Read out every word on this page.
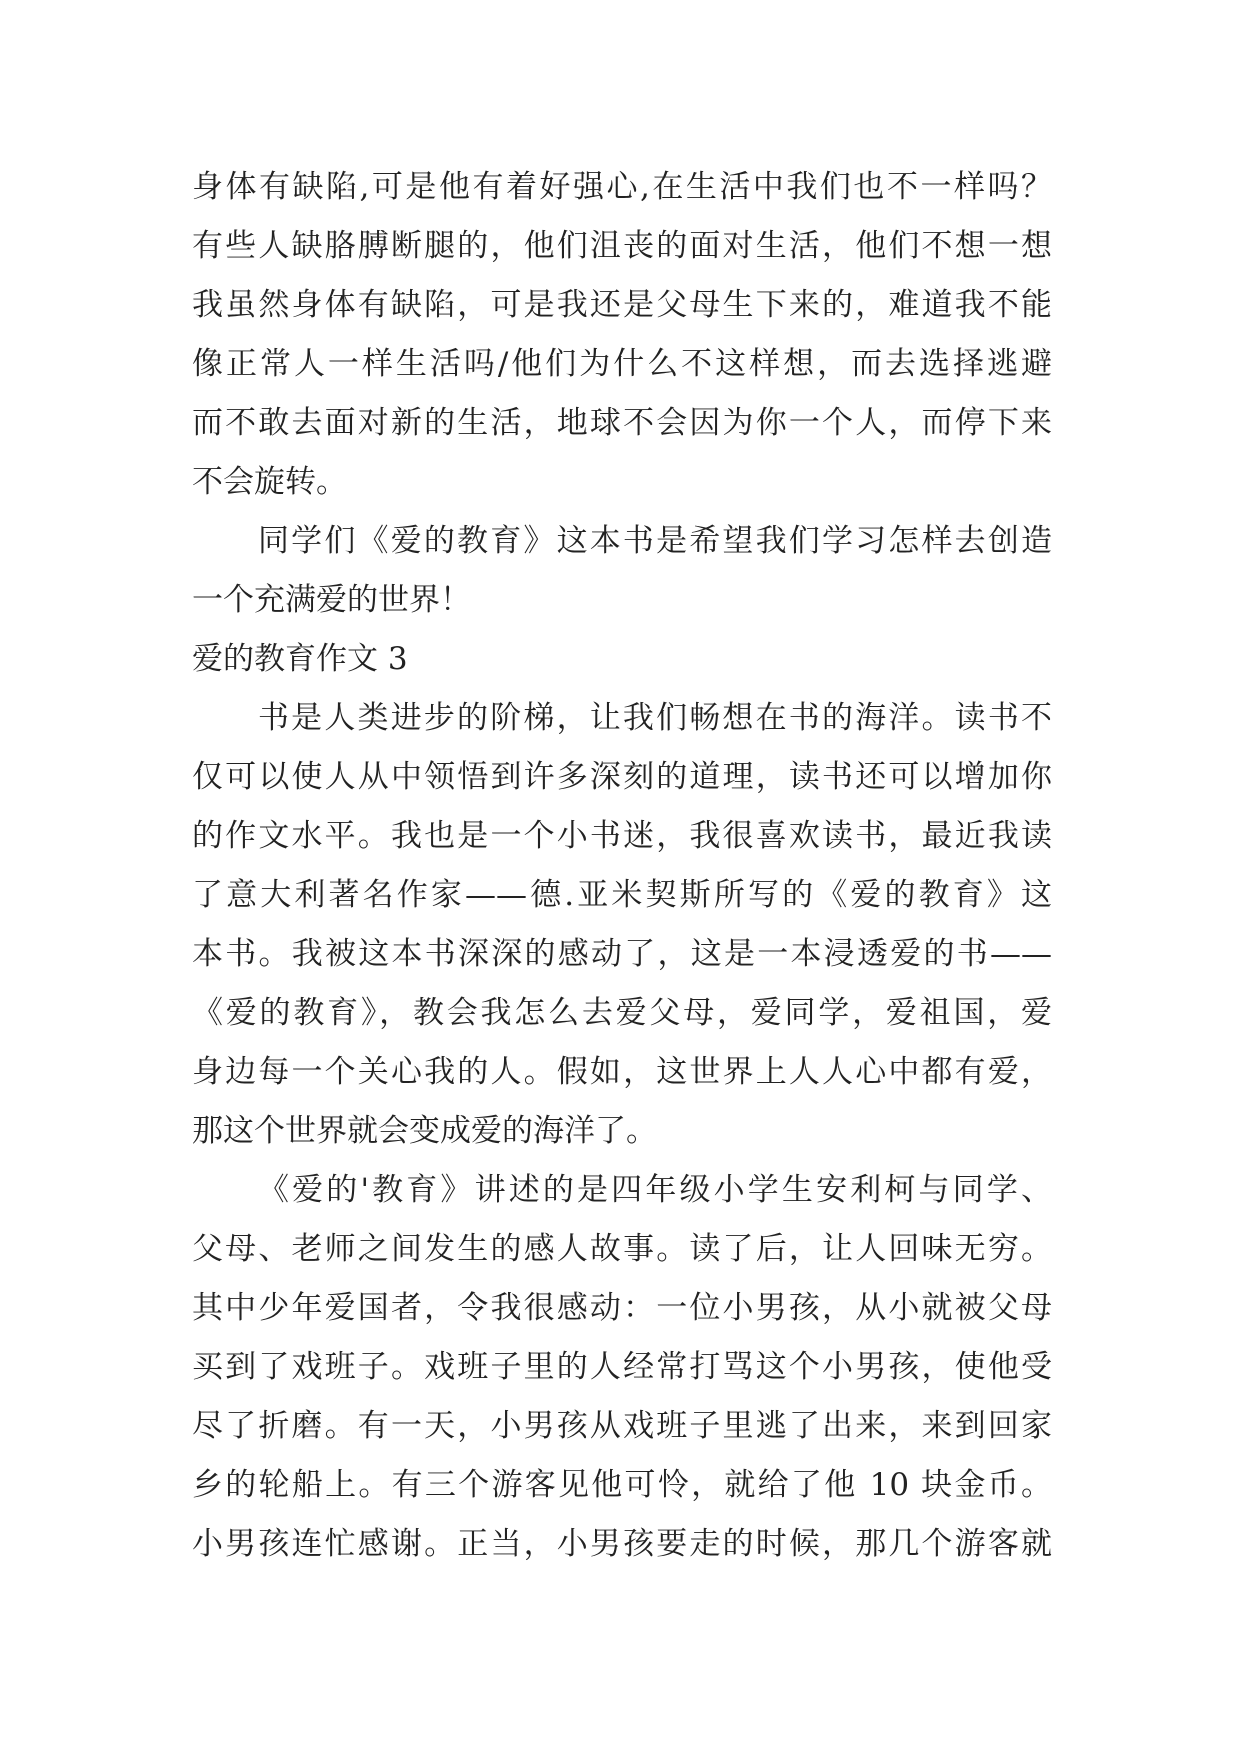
身体有缺陷,可是他有着好强心,在生活中我们也不一样吗？
有些人缺胳膊断腿的，他们沮丧的面对生活，他们不想一想
我虽然身体有缺陷，可是我还是父母生下来的，难道我不能
像正常人一样生活吗/他们为什么不这样想，而去选择逃避
而不敢去面对新的生活，地球不会因为你一个人，而停下来
不会旋转。
同学们《爱的教育》这本书是希望我们学习怎样去创造
一个充满爱的世界！
爱的教育作文 3
书是人类进步的阶梯，让我们畅想在书的海洋。读书不
仅可以使人从中领悟到许多深刻的道理，读书还可以增加你
的作文水平。我也是一个小书迷，我很喜欢读书，最近我读
了意大利著名作家——德.亚米契斯所写的《爱的教育》这
本书。我被这本书深深的感动了，这是一本浸透爱的书——
《爱的教育》，教会我怎么去爱父母，爱同学，爱祖国，爱
身边每一个关心我的人。假如，这世界上人人心中都有爱，
那这个世界就会变成爱的海洋了。
《爱的'教育》讲述的是四年级小学生安利柯与同学、
父母、老师之间发生的感人故事。读了后，让人回味无穷。
其中少年爱国者，令我很感动：一位小男孩，从小就被父母
买到了戏班子。戏班子里的人经常打骂这个小男孩，使他受
尽了折磨。有一天，小男孩从戏班子里逃了出来，来到回家
乡的轮船上。有三个游客见他可怜，就给了他 10 块金币。
小男孩连忙感谢。正当，小男孩要走的时候，那几个游客就
